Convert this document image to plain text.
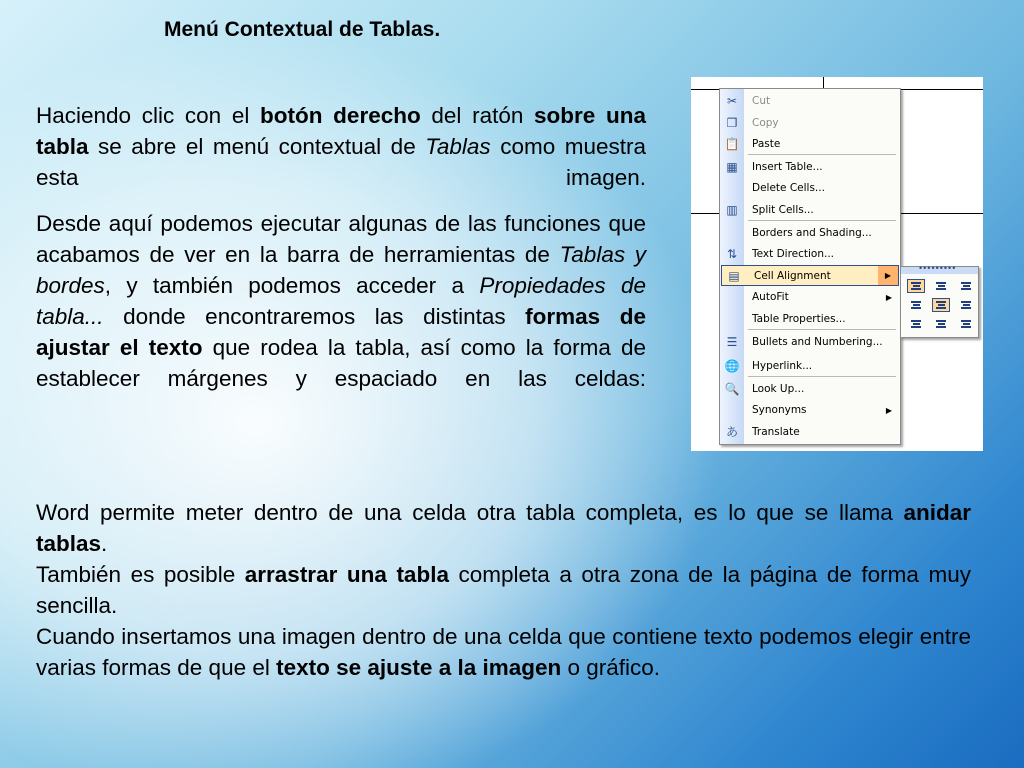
Menú Contextual de Tablas.
Haciendo clic con el botón derecho del ratón sobre una tabla se abre el menú contextual de Tablas como muestra esta imagen.
Desde aquí podemos ejecutar algunas de las funciones que acabamos de ver en la barra de herramientas de Tablas y bordes, y también podemos acceder a Propiedades de tabla... donde encontraremos las distintas formas de ajustar el texto que rodea la tabla, así como la forma de establecer márgenes y espaciado en las celdas:

Word permite meter dentro de una celda otra tabla completa, es lo que se llama anidar tablas.

También es posible arrastrar una tabla completa a otra zona de la página de forma muy sencilla.

Cuando insertamos una imagen dentro de una celda que contiene texto podemos elegir entre varias formas de que el texto se ajuste a la imagen o gráfico.

✂ Cut
❐ Copy
📋 Paste
▦ Insert Table...
Delete Cells...
▥ Split Cells...
Borders and Shading...
⇅ Text Direction...
▤ Cell Alignment	▶
AutoFit	▶
Table Properties...
☰ Bullets and Numbering...
🌐 Hyperlink...
🔍 Look Up...
Synonyms	▶
あ Translate
•••••••••
